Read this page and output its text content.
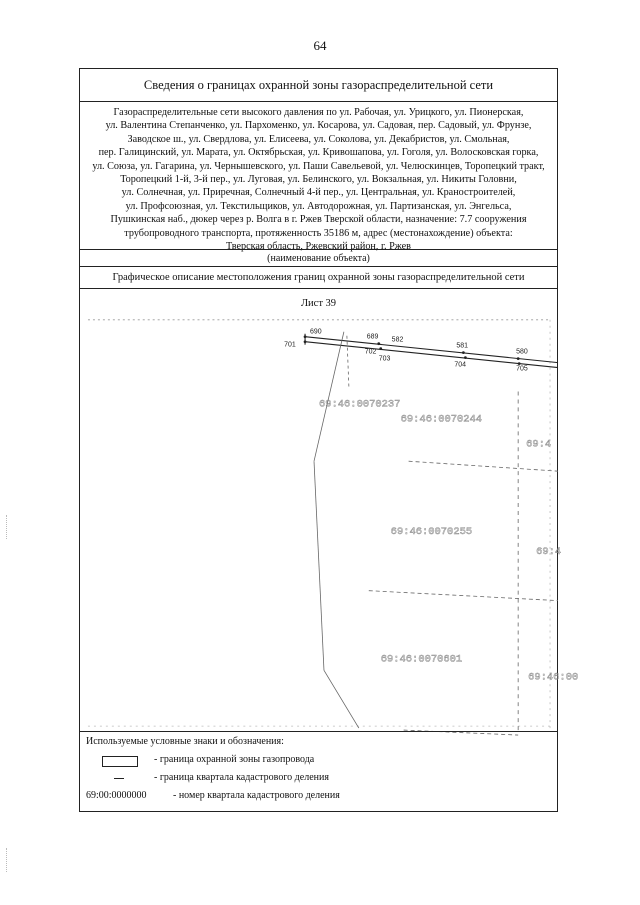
64
Сведения о границах охранной зоны газораспределительной сети
Газораспределительные сети высокого давления по ул. Рабочая, ул. Урицкого, ул. Пионерская,
ул. Валентина Степанченко, ул. Пархоменко, ул. Косарова, ул. Садовая, пер. Садовый, ул. Фрунзе,
Заводское ш., ул. Свердлова, ул. Елисеева, ул. Соколова, ул. Декабристов, ул. Смольная,
пер. Галицинский, ул. Марата, ул. Октябрьская, ул. Кривошапова, ул. Гоголя, ул. Волосковская горка,
ул. Союза, ул. Гагарина, ул. Чернышевского, ул. Паши Савельевой, ул. Челюскинцев, Торопецкий тракт,
Торопецкий 1-й, 3-й пер., ул. Луговая, ул. Белинского, ул. Вокзальная, ул. Никиты Головни,
ул. Солнечная, ул. Приречная, Солнечный 4-й пер., ул. Центральная, ул. Краностроителей,
ул. Профсоюзная, ул. Текстильщиков, ул. Автодорожная, ул. Партизанская, ул. Энгельса,
Пушкинская наб., дюкер через р. Волга в г. Ржев Тверской области, назначение: 7.7 сооружения
трубопроводного транспорта, протяженность 35186 м, адрес (местонахождение) объекта:
Тверская область, Ржевский район, г. Ржев
(наименование объекта)
Графическое описание местоположения границ охранной зоны газораспределительной сети
Лист 39
690
701
689 582
702
703
581
704
580
705
69:46:0070237
69:46:0070244
69:4
69:46:0070255
69:4
69:46:0070601
69:46:00
Используемые условные знаки и обозначения:
- граница охранной зоны газопровода
- граница квартала кадастрового деления
69:00:0000000	- номер квартала кадастрового деления
